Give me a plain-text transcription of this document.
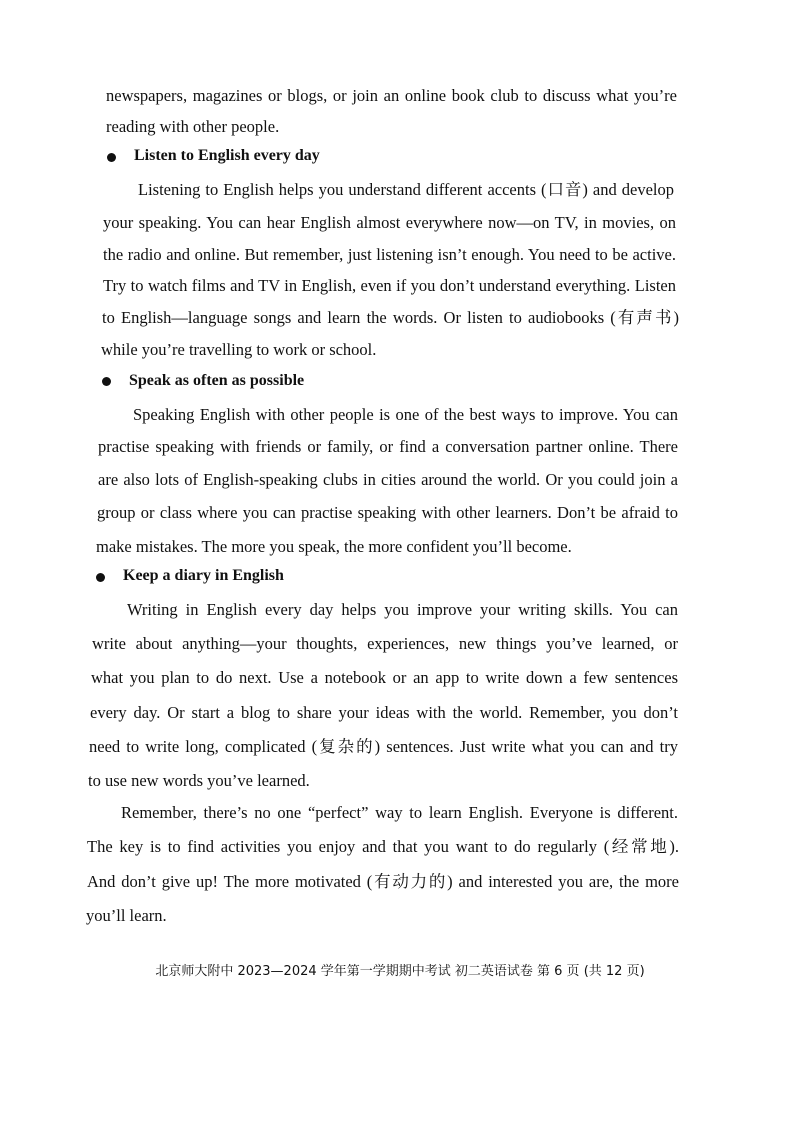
newspapers, magazines or blogs, or join an online book club to discuss what you’re
reading with other people.
Listen to English every day
Listening to English helps you understand different accents (口音) and develop
your speaking. You can hear English almost everywhere now—on TV, in movies, on
the radio and online. But remember, just listening isn’t enough. You need to be active.
Try to watch films and TV in English, even if you don’t understand everything. Listen
to English—language songs and learn the words. Or listen to audiobooks (有声书)
while you’re travelling to work or school.
Speak as often as possible
Speaking English with other people is one of the best ways to improve. You can
practise speaking with friends or family, or find a conversation partner online. There
are also lots of English-speaking clubs in cities around the world. Or you could join a
group or class where you can practise speaking with other learners. Don’t be afraid to
make mistakes. The more you speak, the more confident you’ll become.
Keep a diary in English
Writing in English every day helps you improve your writing skills. You can
write about anything—your thoughts, experiences, new things you’ve learned, or
what you plan to do next. Use a notebook or an app to write down a few sentences
every day. Or start a blog to share your ideas with the world. Remember, you don’t
need to write long, complicated (复杂的) sentences. Just write what you can and try
to use new words you’ve learned.
Remember, there’s no one “perfect” way to learn English. Everyone is different.
The key is to find activities you enjoy and that you want to do regularly (经常地).
And don’t give up! The more motivated (有动力的) and interested you are, the more
you’ll learn.
北京师大附中 2023—2024 学年第一学期期中考试 初二英语试卷 第 6 页 (共 12 页)
